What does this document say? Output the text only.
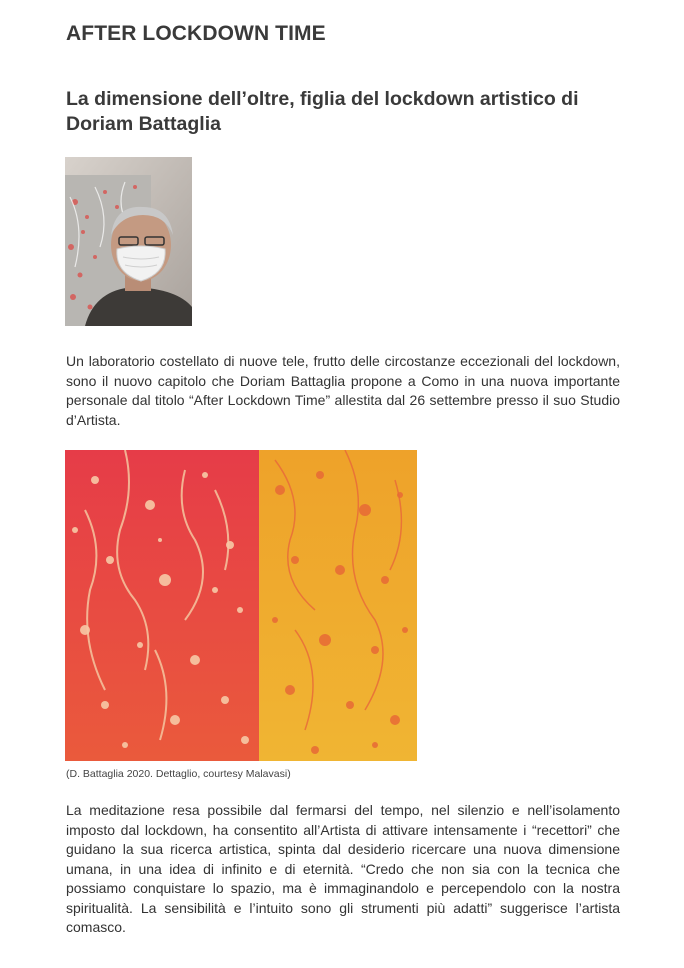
AFTER LOCKDOWN TIME
La dimensione dell’oltre, figlia del lockdown artistico di Doriam Battaglia
Un laboratorio costellato di nuove tele, frutto delle circostanze eccezionali del lockdown, sono il nuovo capitolo che Doriam Battaglia propone a Como in una nuova importante personale dal titolo “After Lockdown Time” allestita dal 26 settembre presso il suo Studio d’Artista.
(D. Battaglia 2020. Dettaglio, courtesy Malavasi)
La meditazione resa possibile dal fermarsi del tempo, nel silenzio e nell’isolamento imposto dal lockdown, ha consentito all’Artista di attivare intensamente i “recettori” che guidano la sua ricerca artistica, spinta dal desiderio ricercare una nuova dimensione umana, in una idea di infinito e di eternità. “Credo che non sia con la tecnica che possiamo conquistare lo spazio, ma è immaginandolo e percependolo con la nostra spiritualità. La sensibilità e l’intuito sono gli strumenti più adatti” suggerisce l’artista comasco.
